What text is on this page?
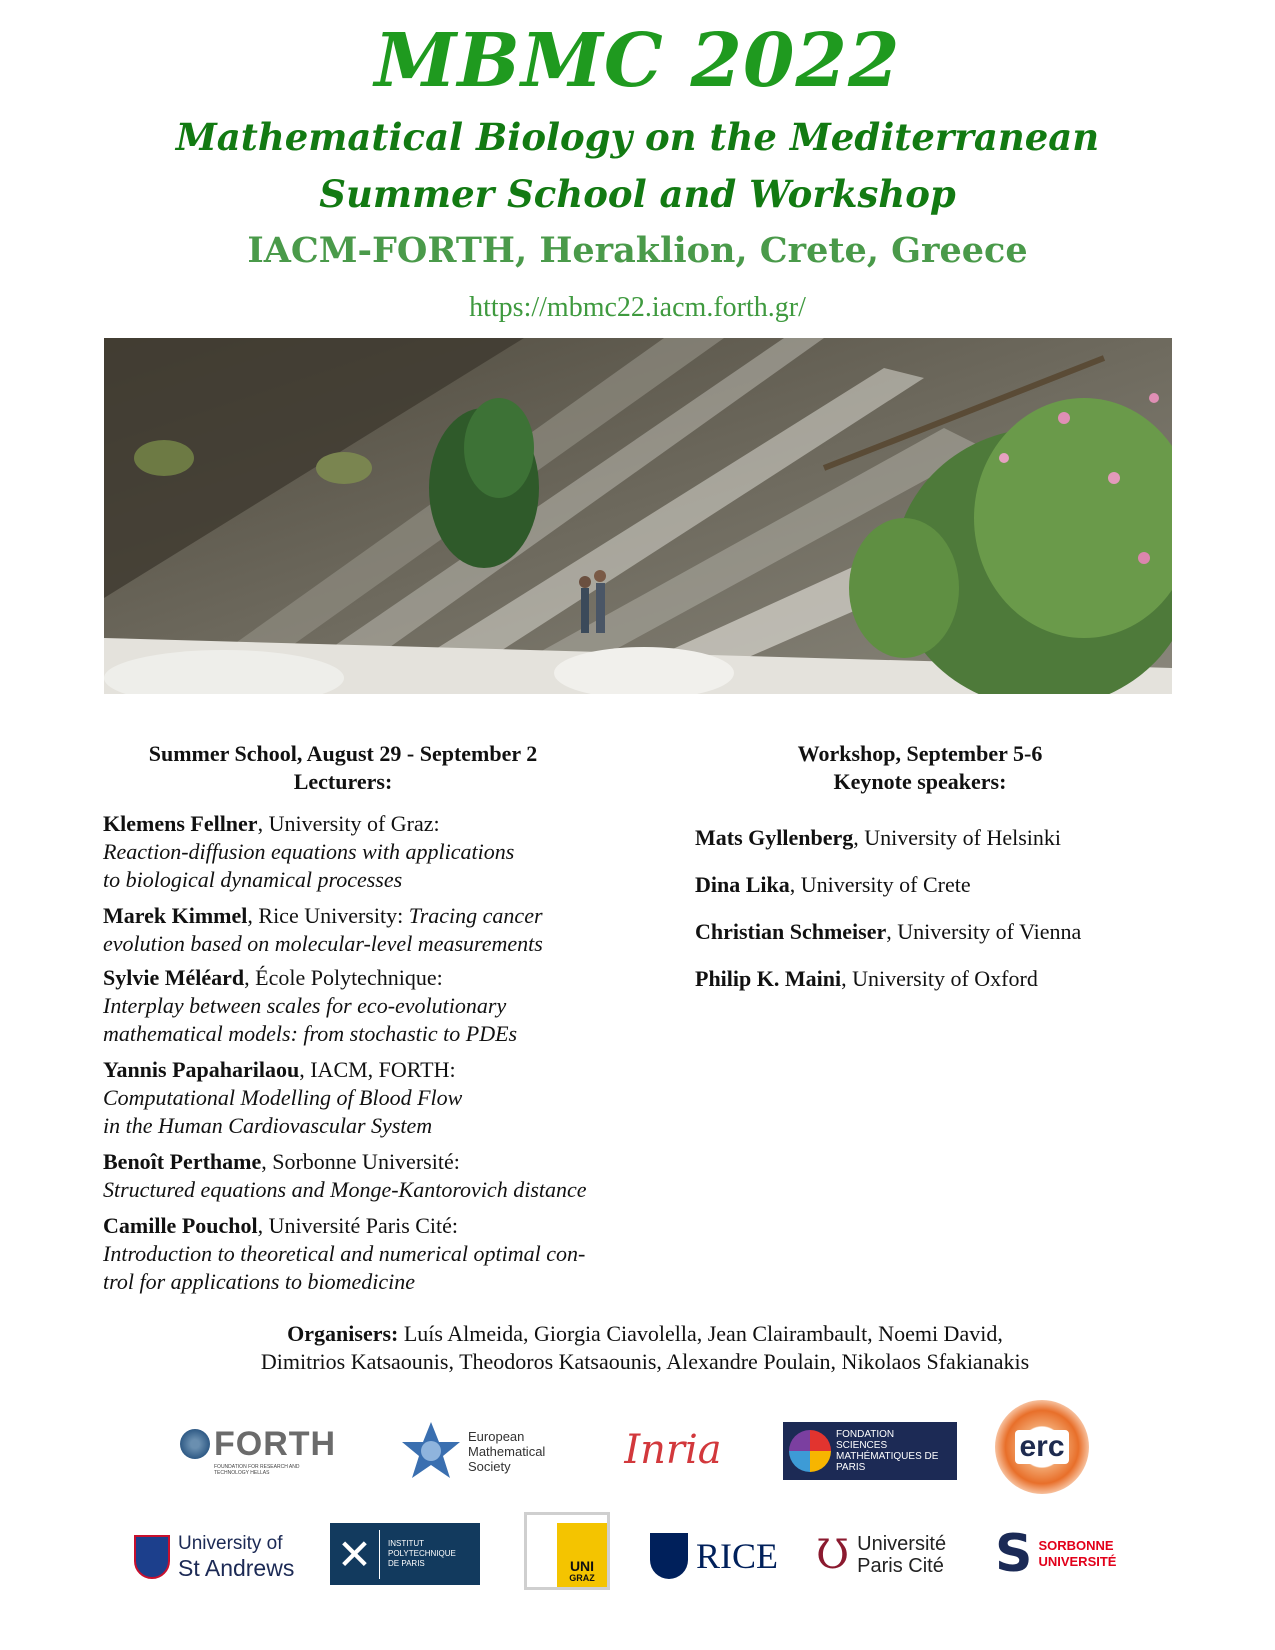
MBMC 2022
Mathematical Biology on the Mediterranean
Summer School and Workshop
IACM-FORTH, Heraklion, Crete, Greece
https://mbmc22.iacm.forth.gr/
Summer School, August 29 - September 2
Lecturers:
Klemens Fellner, University of Graz:
Reaction-diffusion equations with applications
to biological dynamical processes
Marek Kimmel, Rice University: Tracing cancer
evolution based on molecular-level measurements
Sylvie Méléard, École Polytechnique:
Interplay between scales for eco-evolutionary
mathematical models: from stochastic to PDEs
Yannis Papaharilaou, IACM, FORTH:
Computational Modelling of Blood Flow
in the Human Cardiovascular System
Benoît Perthame, Sorbonne Université:
Structured equations and Monge-Kantorovich distance
Camille Pouchol, Université Paris Cité:
Introduction to theoretical and numerical optimal con-
trol for applications to biomedicine
Workshop, September 5-6
Keynote speakers:
Mats Gyllenberg, University of Helsinki
Dina Lika, University of Crete
Christian Schmeiser, University of Vienna
Philip K. Maini, University of Oxford
Organisers: Luís Almeida, Giorgia Ciavolella, Jean Clairambault, Noemi David,
Dimitrios Katsaounis, Theodoros Katsaounis, Alexandre Poulain, Nikolaos Sfakianakis
FORTH
FOUNDATION FOR RESEARCH AND TECHNOLOGY HELLAS
European
Mathematical
Society	Inria	FONDATION
SCIENCES
MATHÉMATIQUES DE
PARIS
erc
University of
St Andrews ✕	INSTITUT
POLYTECHNIQUE
DE PARIS	UNI
GRAZ
RICE Ʊ Université
Paris Cité S SORBONNE
UNIVERSITÉ
